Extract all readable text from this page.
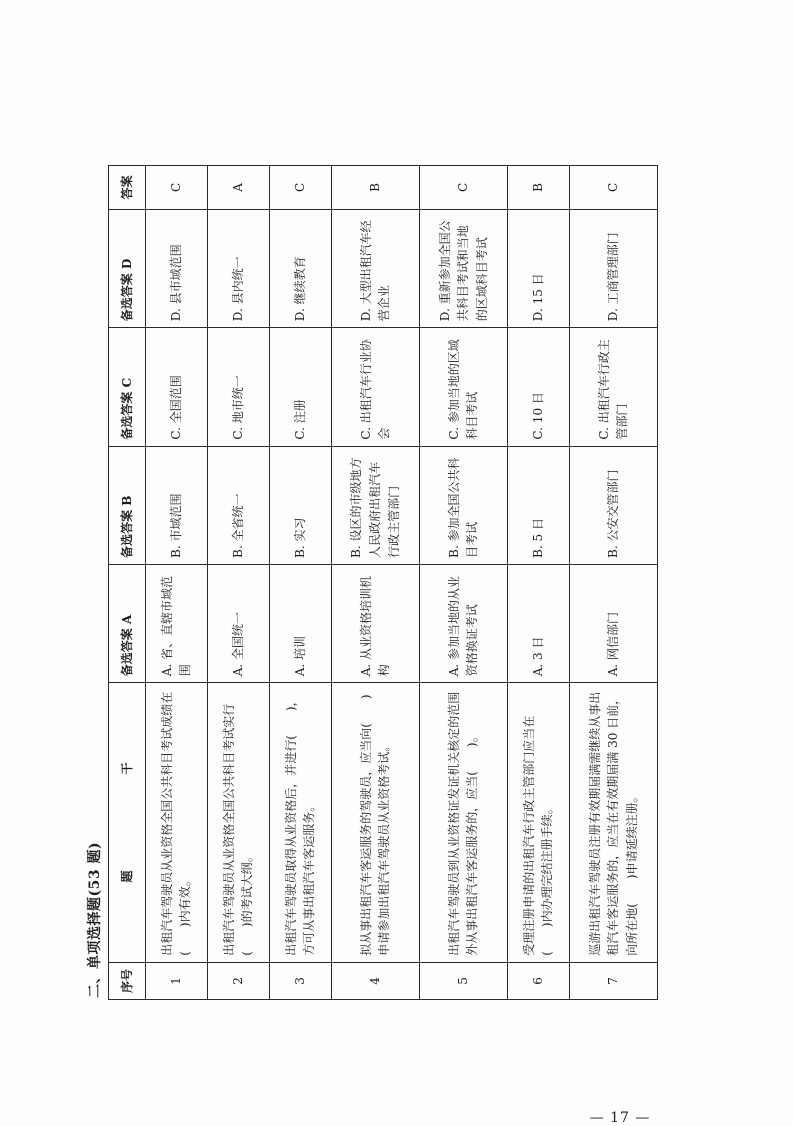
二、单项选择题(53 题) 序号	题　　　　　　　　干	备选答案 A	备选答案 B	备选答案 C	备选答案 D	答案
1	出租汽车驾驶员从业资格全国公共科目考试成绩在(　　)内有效。	A. 省、直辖市域范围	B. 市域范围	C. 全国范围	D. 县市域范围	C
2	出租汽车驾驶员从业资格全国公共科目考试实行(　　)的考试大纲。	A. 全国统一	B. 全省统一	C. 地市统一	D. 县内统一	A
3	出租汽车驾驶员取得从业资格后，并进行(　　)，方可从事出租汽车客运服务。	A. 培训	B. 实习	C. 注册	D. 继续教育	C
4	拟从事出租汽车客运服务的驾驶员，应当向(　　)申请参加出租汽车驾驶员从业资格考试。	A. 从业资格培训机构	B. 设区的市级地方人民政府出租汽车行政主管部门	C. 出租汽车行业协会	D. 大型出租汽车经营企业	B
5	出租汽车驾驶员到从业资格证发证机关核定的范围外从事出租汽车客运服务的，应当(　　)。	A. 参加当地的从业资格换证考试	B. 参加全国公共科目考试	C. 参加当地的区域科目考试	D. 重新参加全国公共科目考试和当地的区域科目考试	C
6	受理注册申请的出租汽车行政主管部门应当在(　　)内办理完结注册手续。	A. 3 日	B. 5 日	C. 10 日	D. 15 日	B
7	巡游出租汽车驾驶员注册有效期届满需继续从事出租汽车客运服务的，应当在有效期届满 30 日前，向所在地(　　)申请延续注册。	A. 网信部门	B. 公安交管部门	C. 出租汽车行政主管部门	D. 工商管理部门	C
— 17 —
